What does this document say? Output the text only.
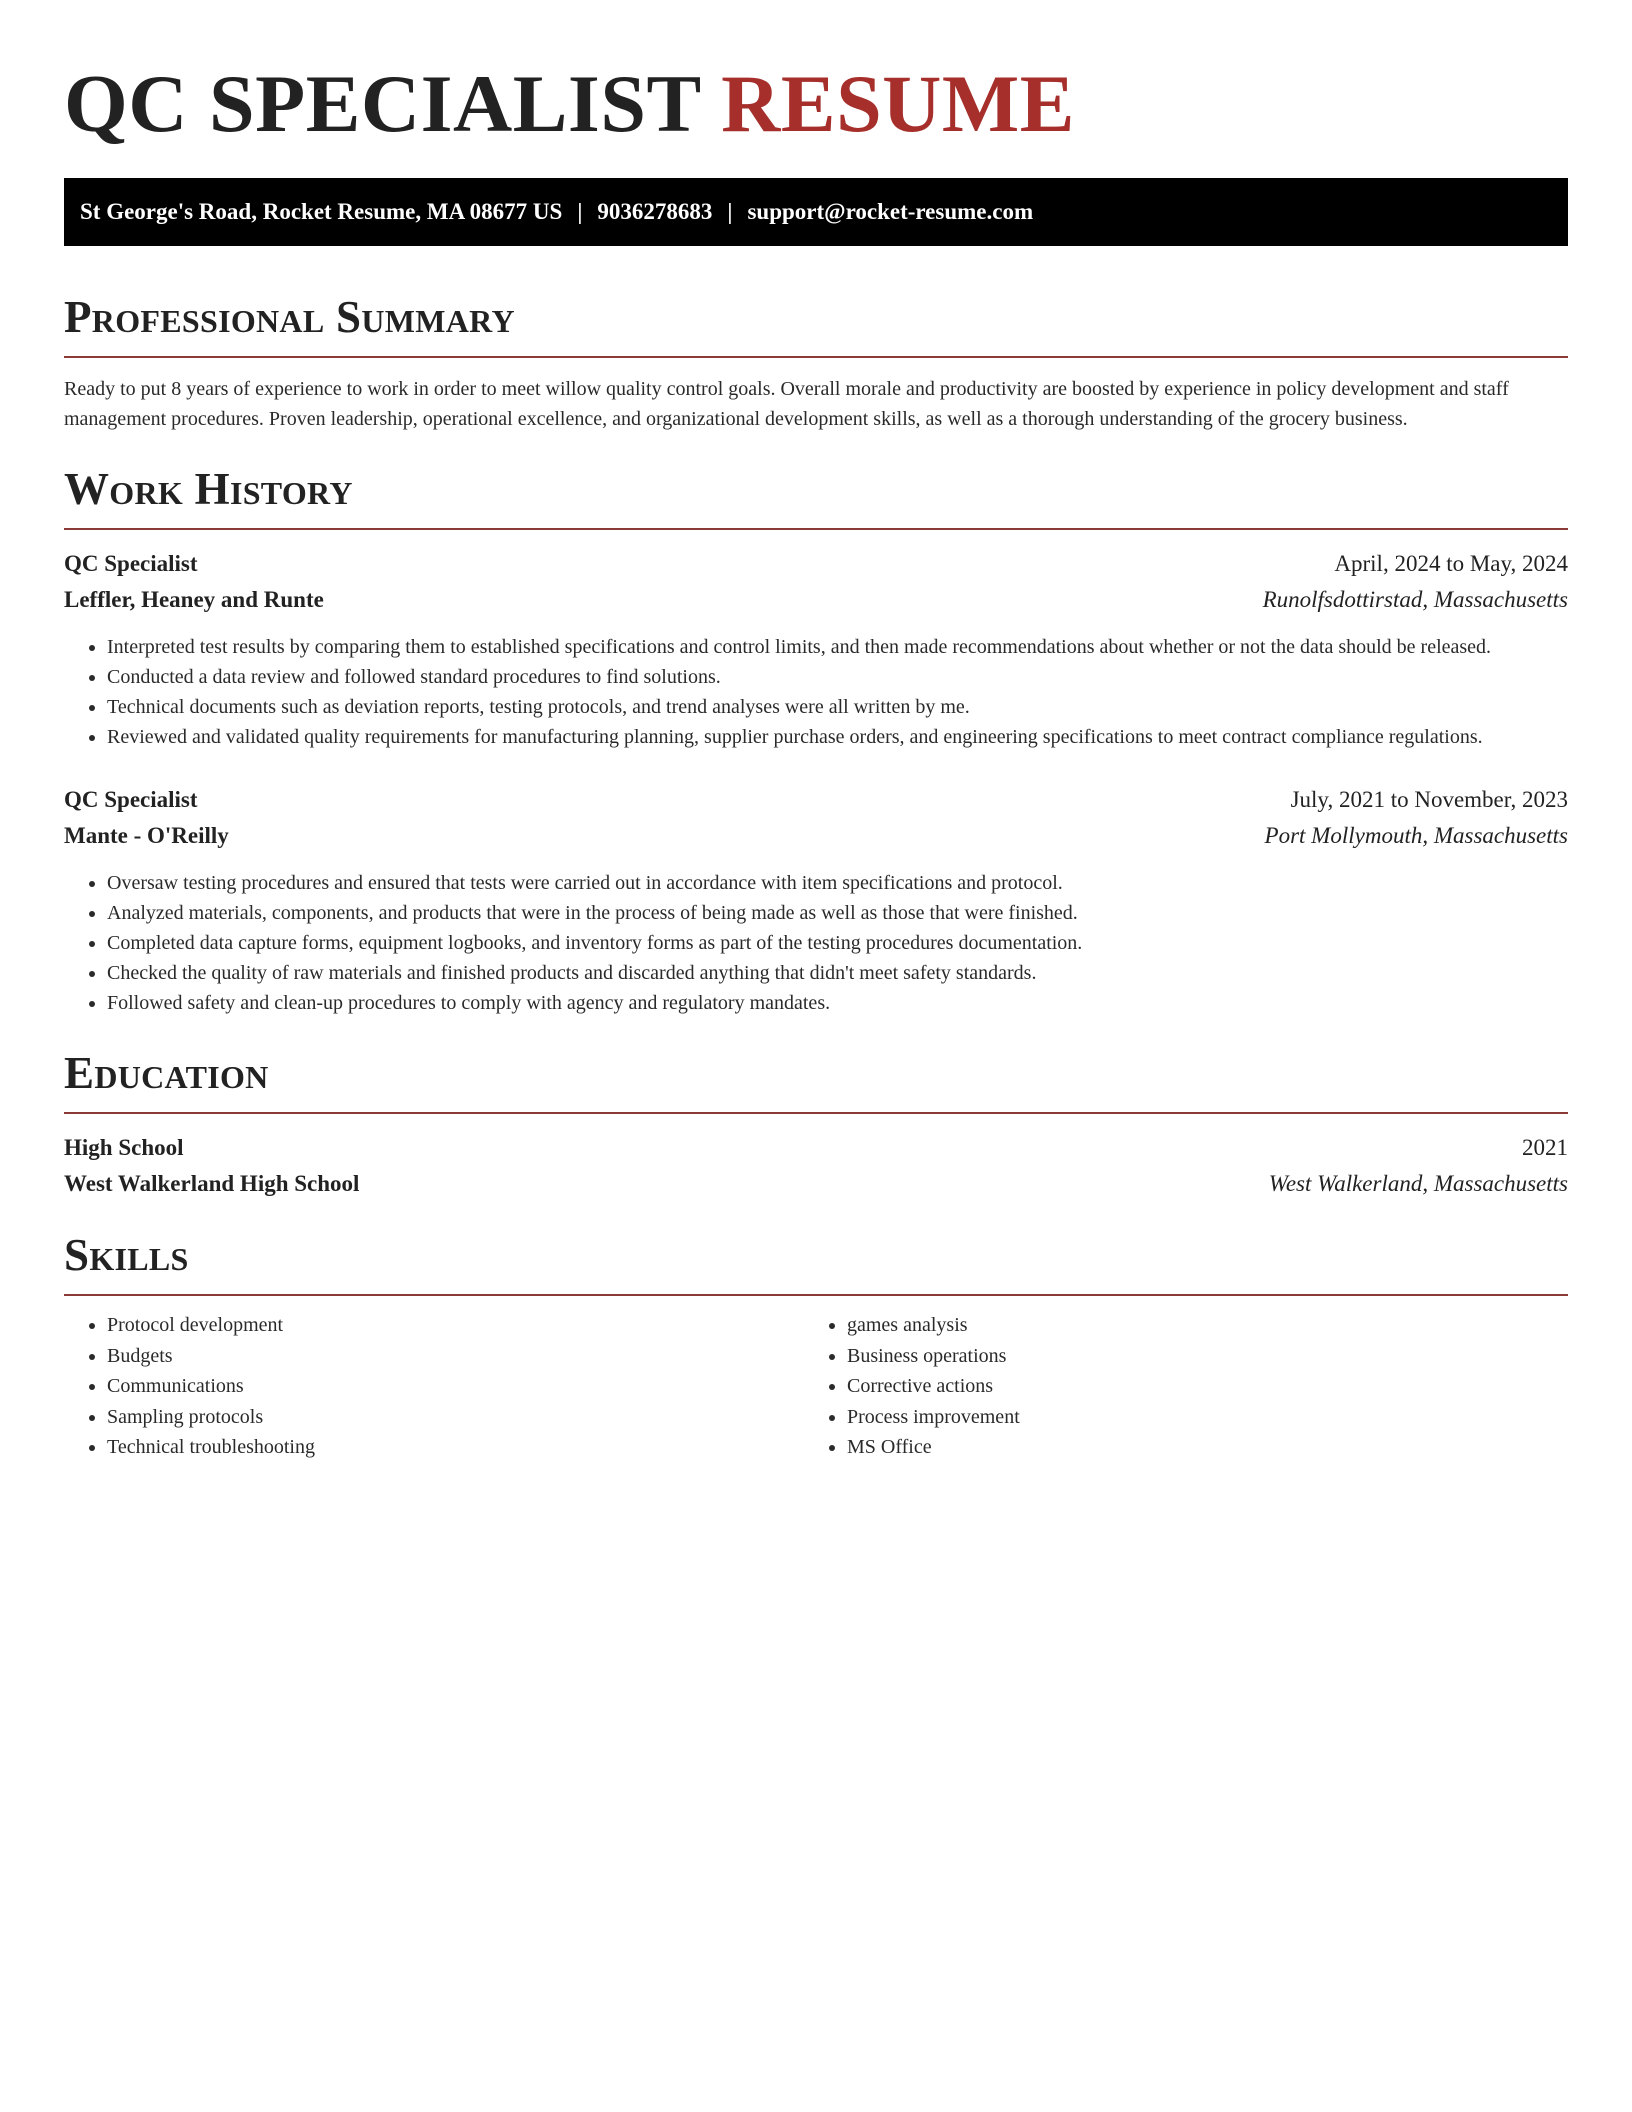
QC SPECIALIST RESUME
St George's Road, Rocket Resume, MA 08677 US | 9036278683 | support@rocket-resume.com
Professional Summary

Ready to put 8 years of experience to work in order to meet willow quality control goals. Overall morale and productivity are boosted by experience in policy development and staff management procedures. Proven leadership, operational excellence, and organizational development skills, as well as a thorough understanding of the grocery business.

Work History
QC Specialist	April, 2024 to May, 2024
Leffler, Heaney and Runte	Runolfsdottirstad, Massachusetts
• Interpreted test results by comparing them to established specifications and control limits, and then made recommendations about whether or not the data should be released.
• Conducted a data review and followed standard procedures to find solutions.
• Technical documents such as deviation reports, testing protocols, and trend analyses were all written by me.
• Reviewed and validated quality requirements for manufacturing planning, supplier purchase orders, and engineering specifications to meet contract compliance regulations.
QC Specialist	July, 2021 to November, 2023
Mante - O'Reilly	Port Mollymouth, Massachusetts
• Oversaw testing procedures and ensured that tests were carried out in accordance with item specifications and protocol.
• Analyzed materials, components, and products that were in the process of being made as well as those that were finished.
• Completed data capture forms, equipment logbooks, and inventory forms as part of the testing procedures documentation.
• Checked the quality of raw materials and finished products and discarded anything that didn't meet safety standards.
• Followed safety and clean-up procedures to comply with agency and regulatory mandates.
Education
High School	2021
West Walkerland High School	West Walkerland, Massachusetts
Skills
• Protocol development
• Budgets
• Communications
• Sampling protocols
• Technical troubleshooting
• games analysis
• Business operations
• Corrective actions
• Process improvement
• MS Office
